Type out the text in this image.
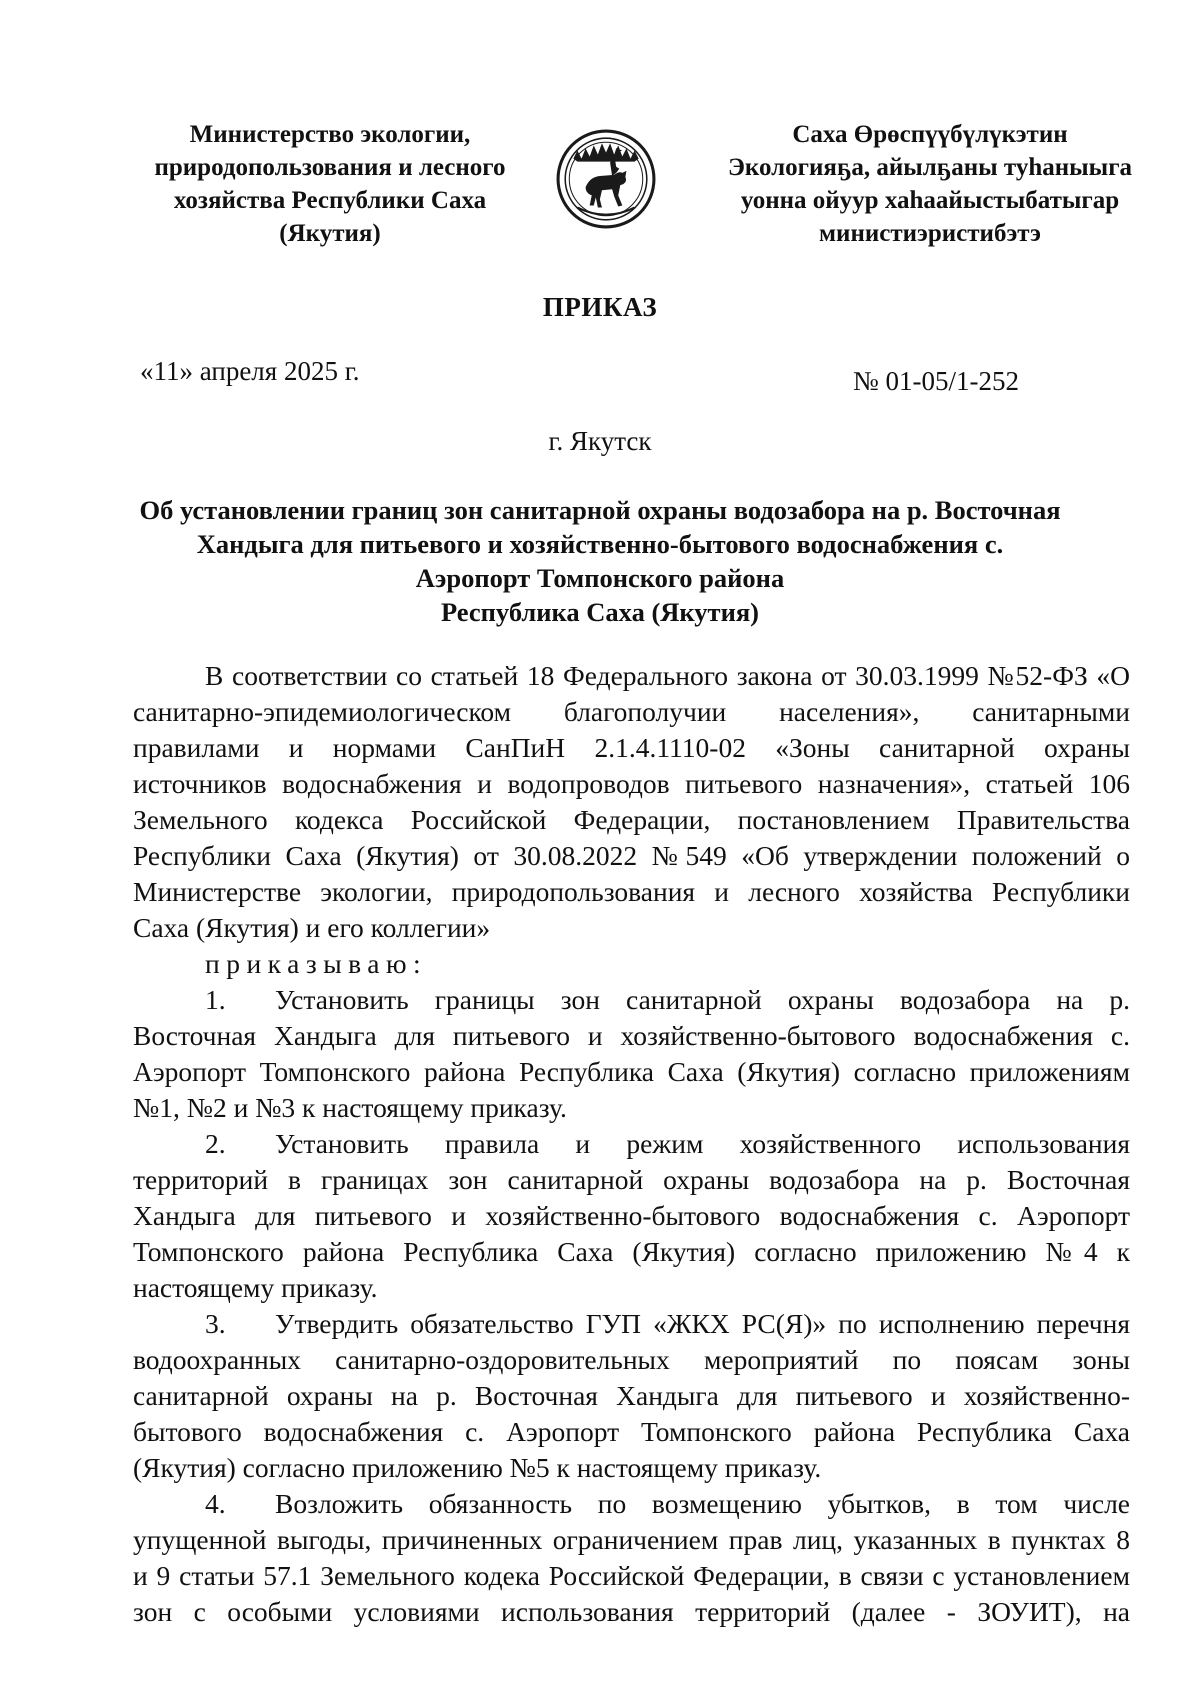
Министерство экологии,
природопользования и лесного
хозяйства Республики Саха
(Якутия)
Саха Өрөспүүбүлүкэтин
Экологияҕа, айылҕаны туһаныыга
уонна ойуур хаһаайыстыбатыгар
министиэристибэтэ
ПРИКАЗ
«11» апреля 2025 г.	№ 01-05/1-252
г. Якутск
Об установлении границ зон санитарной охраны водозабора на р. Восточная
Хандыга для питьевого и хозяйственно-бытового водоснабжения с.
Аэропорт Томпонского района
Республика Саха (Якутия)
В соответствии со статьей 18 Федерального закона от 30.03.1999 №52-ФЗ «О
санитарно-эпидемиологическом благополучии населения», санитарными
правилами и нормами СанПиН 2.1.4.1110-02 «Зоны санитарной охраны
источников водоснабжения и водопроводов питьевого назначения», статьей 106
Земельного кодекса Российской Федерации, постановлением Правительства
Республики Саха (Якутия) от 30.08.2022 №549 «Об утверждении положений о
Министерстве экологии, природопользования и лесного хозяйства Республики
Саха (Якутия) и его коллегии»
приказываю:
1. Установить границы зон санитарной охраны водозабора на р.
Восточная Хандыга для питьевого и хозяйственно-бытового водоснабжения с.
Аэропорт Томпонского района Республика Саха (Якутия) согласно приложениям
№1, №2 и №3 к настоящему приказу.
2. Установить правила и режим хозяйственного использования
территорий в границах зон санитарной охраны водозабора на р. Восточная
Хандыга для питьевого и хозяйственно-бытового водоснабжения с. Аэропорт
Томпонского района Республика Саха (Якутия) согласно приложению №4 к
настоящему приказу.
3. Утвердить обязательство ГУП «ЖКХ РС(Я)» по исполнению перечня
водоохранных санитарно-оздоровительных мероприятий по поясам зоны
санитарной охраны на р. Восточная Хандыга для питьевого и хозяйственно-
бытового водоснабжения с. Аэропорт Томпонского района Республика Саха
(Якутия) согласно приложению №5 к настоящему приказу.
4. Возложить обязанность по возмещению убытков, в том числе
упущенной выгоды, причиненных ограничением прав лиц, указанных в пунктах 8
и 9 статьи 57.1 Земельного кодека Российской Федерации, в связи с установлением
зон с особыми условиями использования территорий (далее - ЗОУИТ), на
